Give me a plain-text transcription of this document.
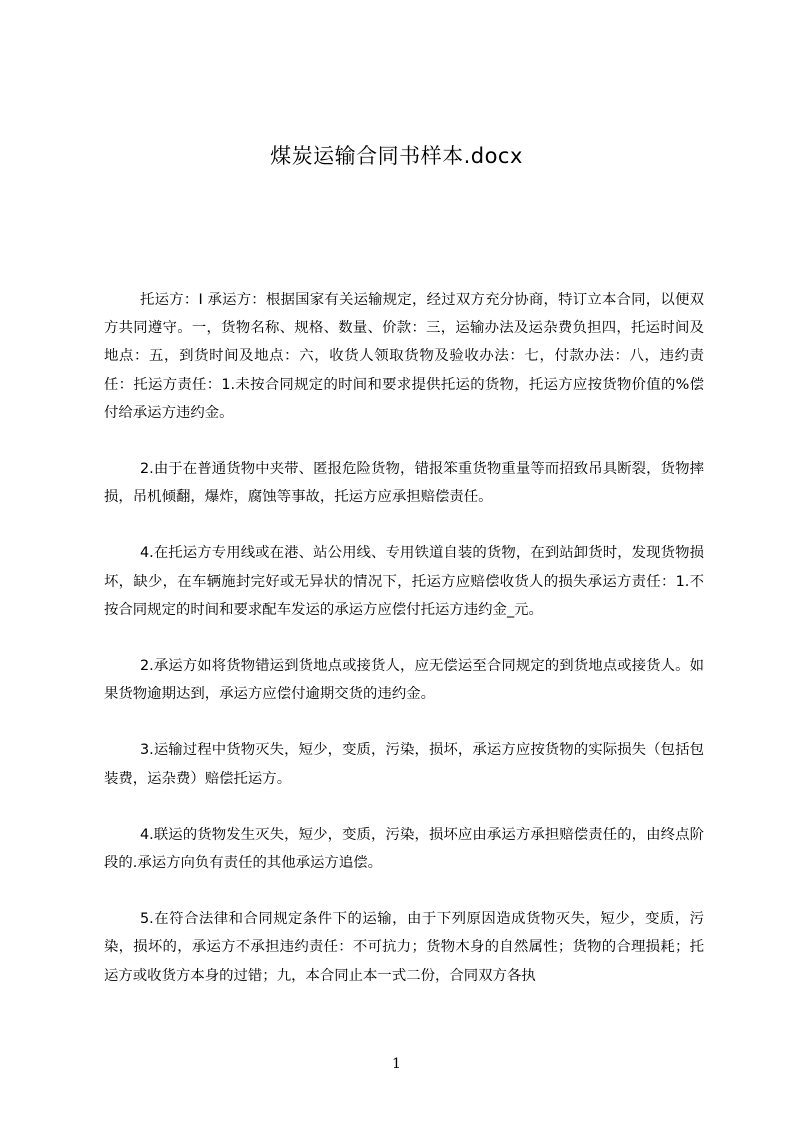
煤炭运输合同书样本.docx

托运方：I 承运方：根据国家有关运输规定，经过双方充分协商，特订立本合同，以便双方共同遵守。一，货物名称、规格、数量、价款：三，运输办法及运杂费负担四，托运时间及地点：五，到货时间及地点：六，收货人领取货物及验收办法：七，付款办法：八，违约责任：托运方责任：1.未按合同规定的时间和要求提供托运的货物，托运方应按货物价值的%偿付给承运方违约金。

2.由于在普通货物中夹带、匿报危险货物，错报笨重货物重量等而招致吊具断裂，货物摔损，吊机倾翻，爆炸，腐蚀等事故，托运方应承担赔偿责任。

4.在托运方专用线或在港、站公用线、专用铁道自装的货物，在到站卸货时，发现货物损坏，缺少，在车辆施封完好或无异状的情况下，托运方应赔偿收货人的损失承运方责任：1.不按合同规定的时间和要求配车发运的承运方应偿付托运方违约金_元。

2.承运方如将货物错运到货地点或接货人，应无偿运至合同规定的到货地点或接货人。如果货物逾期达到，承运方应偿付逾期交货的违约金。

3.运输过程中货物灭失，短少，变质，污染，损坏，承运方应按货物的实际损失（包括包装费，运杂费）赔偿托运方。

4.联运的货物发生灭失，短少，变质，污染，损坏应由承运方承担赔偿责任的，由终点阶段的.承运方向负有责任的其他承运方追偿。

5.在符合法律和合同规定条件下的运输，由于下列原因造成货物灭失，短少，变质，污染，损坏的，承运方不承担违约责任：不可抗力；货物木身的自然属性；货物的合理损耗；托运方或收货方本身的过错；九，本合同止本一式二份，合同双方各执

1
